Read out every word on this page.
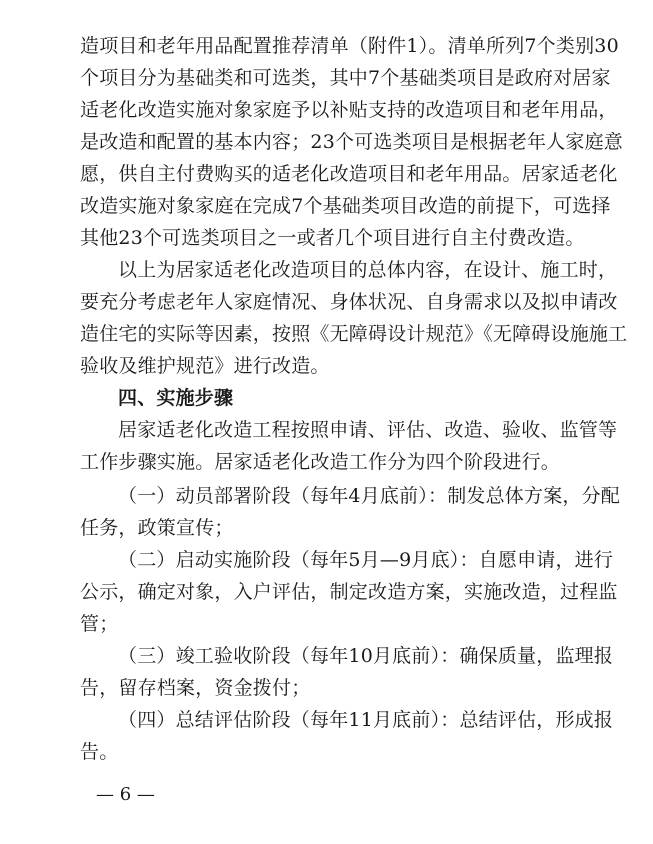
造项目和老年用品配置推荐清单（附件1）。清单所列7个类别30
个项目分为基础类和可选类，其中7个基础类项目是政府对居家
适老化改造实施对象家庭予以补贴支持的改造项目和老年用品，
是改造和配置的基本内容；23个可选类项目是根据老年人家庭意
愿，供自主付费购买的适老化改造项目和老年用品。居家适老化
改造实施对象家庭在完成7个基础类项目改造的前提下，可选择
其他23个可选类项目之一或者几个项目进行自主付费改造。
以上为居家适老化改造项目的总体内容，在设计、施工时，
要充分考虑老年人家庭情况、身体状况、自身需求以及拟申请改
造住宅的实际等因素，按照《无障碍设计规范》《无障碍设施施工
验收及维护规范》进行改造。
四、实施步骤
居家适老化改造工程按照申请、评估、改造、验收、监管等
工作步骤实施。居家适老化改造工作分为四个阶段进行。
（一）动员部署阶段（每年4月底前）：制发总体方案，分配
任务，政策宣传；
（二）启动实施阶段（每年5月—9月底）：自愿申请，进行
公示，确定对象，入户评估，制定改造方案，实施改造，过程监
管；
（三）竣工验收阶段（每年10月底前）：确保质量，监理报
告，留存档案，资金拨付；
（四）总结评估阶段（每年11月底前）：总结评估，形成报
告。
— 6 —
